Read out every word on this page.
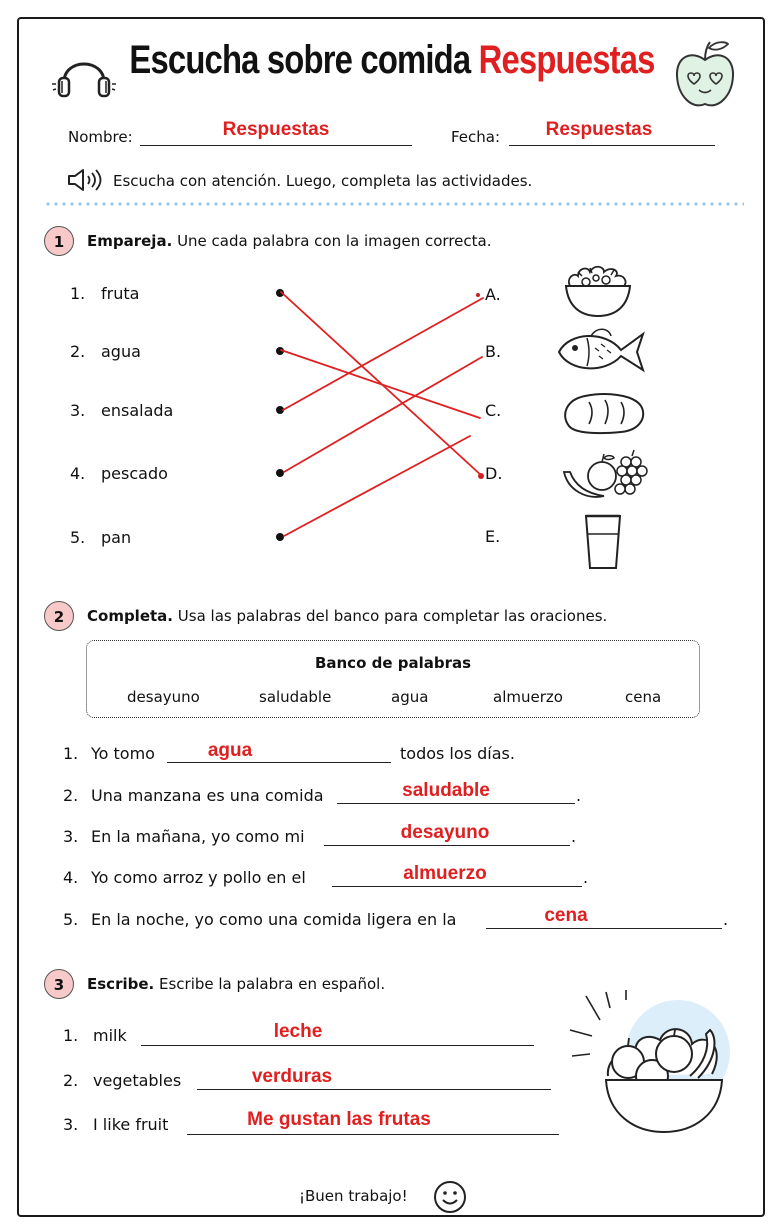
Escucha sobre comida Respuestas
Nombre:	Respuestas	Fecha:	Respuestas
Escucha con atención. Luego, completa las actividades.
1	Empareja. Une cada palabra con la imagen correcta.
1. fruta
2. agua
3. ensalada
4. pescado
5. pan
A.
B.
C.
D.
E.
2	Completa. Usa las palabras del banco para completar las oraciones.
Banco de palabras
desayuno	saludable	agua	almuerzo	cena
1. Yo tomo	agua	todos los días.
2. Una manzana es una comida	saludable	.
3. En la mañana, yo como mi	desayuno	.
4. Yo como arroz y pollo en el	almuerzo	.
5. En la noche, yo como una comida ligera en la	cena	.
3	Escribe. Escribe la palabra en español.
1. milk	leche
2. vegetables	verduras
3. I like fruit	Me gustan las frutas
¡Buen trabajo!
